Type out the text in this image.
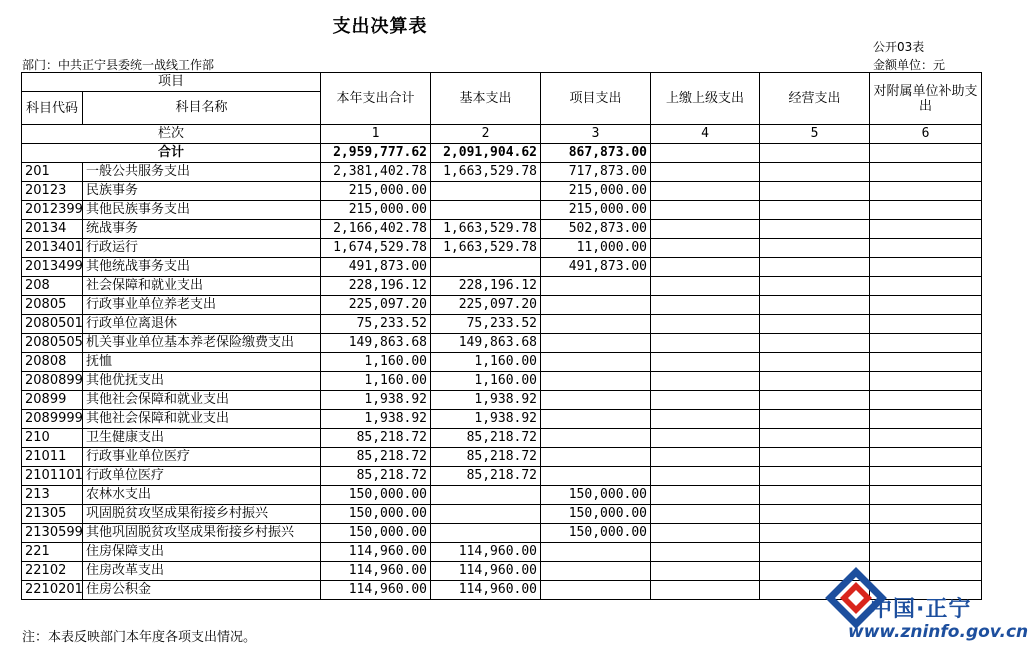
支出决算表
公开03表
部门：中共正宁县委统一战线工作部	金额单位：元
项目		本年支出合计	基本支出	项目支出	上缴上级支出	经营支出	对附属单位补助支出
科目代码	科目名称						
栏次		1	2	3	4	5	6
合计		2,959,777.62	2,091,904.62	867,873.00			
201	一般公共服务支出	2,381,402.78	1,663,529.78	717,873.00			
20123	民族事务	215,000.00		215,000.00			
2012399	其他民族事务支出	215,000.00		215,000.00			
20134	统战事务	2,166,402.78	1,663,529.78	502,873.00			
2013401	行政运行	1,674,529.78	1,663,529.78	11,000.00			
2013499	其他统战事务支出	491,873.00		491,873.00			
208	社会保障和就业支出	228,196.12	228,196.12				
20805	行政事业单位养老支出	225,097.20	225,097.20				
2080501	行政单位离退休	75,233.52	75,233.52				
2080505	机关事业单位基本养老保险缴费支出	149,863.68	149,863.68				
20808	抚恤	1,160.00	1,160.00				
2080899	其他优抚支出	1,160.00	1,160.00				
20899	其他社会保障和就业支出	1,938.92	1,938.92				
2089999	其他社会保障和就业支出	1,938.92	1,938.92				
210	卫生健康支出	85,218.72	85,218.72				
21011	行政事业单位医疗	85,218.72	85,218.72				
2101101	行政单位医疗	85,218.72	85,218.72				
213	农林水支出	150,000.00		150,000.00			
21305	巩固脱贫攻坚成果衔接乡村振兴	150,000.00		150,000.00			
2130599	其他巩固脱贫攻坚成果衔接乡村振兴	150,000.00		150,000.00			
221	住房保障支出	114,960.00	114,960.00				
22102	住房改革支出	114,960.00	114,960.00				
2210201	住房公积金	114,960.00	114,960.00				
注：本表反映部门本年度各项支出情况。
中国·正宁
www.zninfo.gov.cn
